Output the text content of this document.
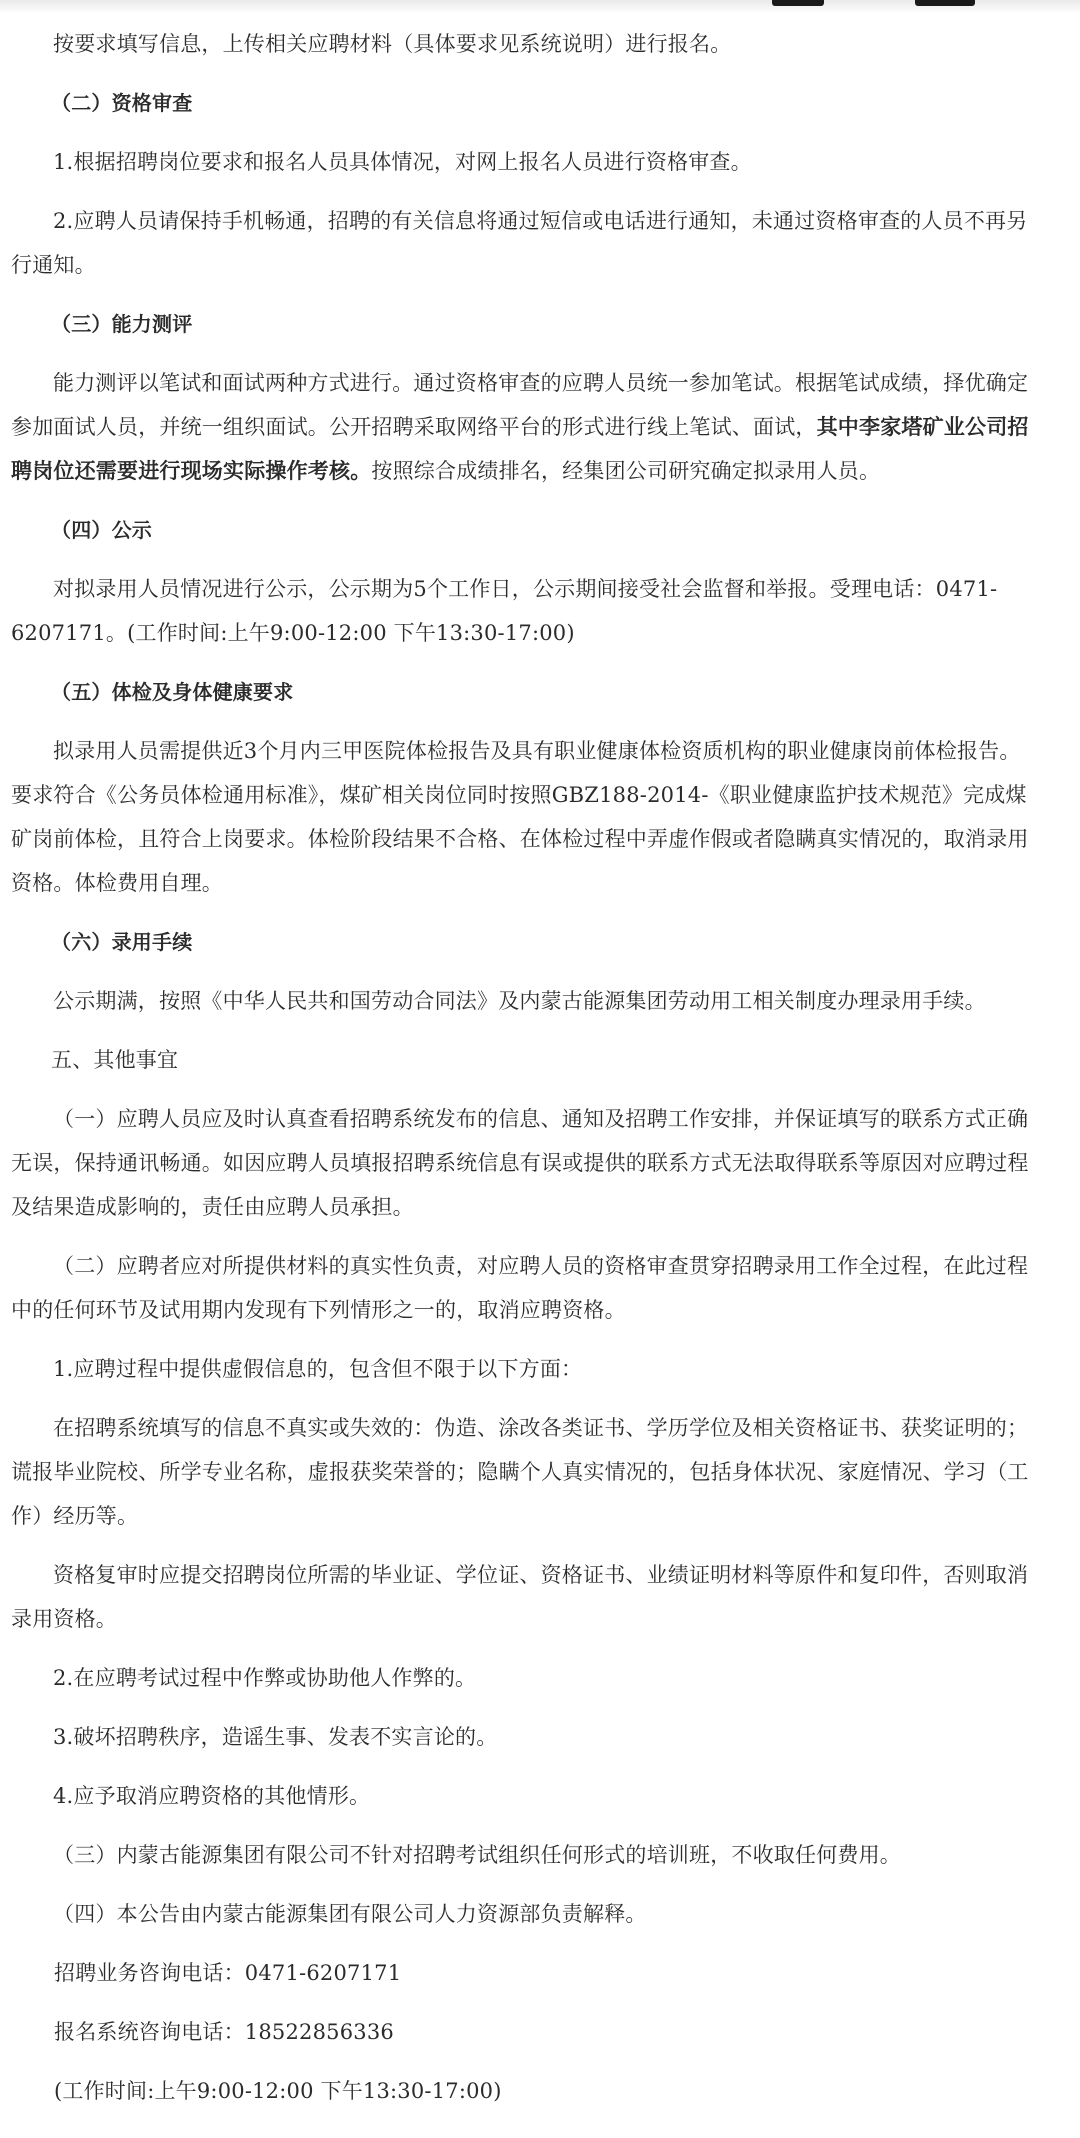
按要求填写信息，上传相关应聘材料（具体要求见系统说明）进行报名。

（二）资格审查

1.根据招聘岗位要求和报名人员具体情况，对网上报名人员进行资格审查。

2.应聘人员请保持手机畅通，招聘的有关信息将通过短信或电话进行通知，未通过资格审查的人员不再另行通知。

（三）能力测评

能力测评以笔试和面试两种方式进行。通过资格审查的应聘人员统一参加笔试。根据笔试成绩，择优确定参加面试人员，并统一组织面试。公开招聘采取网络平台的形式进行线上笔试、面试，其中李家塔矿业公司招聘岗位还需要进行现场实际操作考核。按照综合成绩排名，经集团公司研究确定拟录用人员。

（四）公示

对拟录用人员情况进行公示，公示期为5个工作日，公示期间接受社会监督和举报。受理电话：0471-6207171。(工作时间:上午9:00-12:00 下午13:30-17:00)

（五）体检及身体健康要求

拟录用人员需提供近3个月内三甲医院体检报告及具有职业健康体检资质机构的职业健康岗前体检报告。要求符合《公务员体检通用标准》，煤矿相关岗位同时按照GBZ188-2014-《职业健康监护技术规范》完成煤矿岗前体检，且符合上岗要求。体检阶段结果不合格、在体检过程中弄虚作假或者隐瞒真实情况的，取消录用资格。体检费用自理。

（六）录用手续

公示期满，按照《中华人民共和国劳动合同法》及内蒙古能源集团劳动用工相关制度办理录用手续。

五、其他事宜

（一）应聘人员应及时认真查看招聘系统发布的信息、通知及招聘工作安排，并保证填写的联系方式正确无误，保持通讯畅通。如因应聘人员填报招聘系统信息有误或提供的联系方式无法取得联系等原因对应聘过程及结果造成影响的，责任由应聘人员承担。

（二）应聘者应对所提供材料的真实性负责，对应聘人员的资格审查贯穿招聘录用工作全过程，在此过程中的任何环节及试用期内发现有下列情形之一的，取消应聘资格。

1.应聘过程中提供虚假信息的，包含但不限于以下方面：

在招聘系统填写的信息不真实或失效的：伪造、涂改各类证书、学历学位及相关资格证书、获奖证明的；谎报毕业院校、所学专业名称，虚报获奖荣誉的；隐瞒个人真实情况的，包括身体状况、家庭情况、学习（工作）经历等。

资格复审时应提交招聘岗位所需的毕业证、学位证、资格证书、业绩证明材料等原件和复印件，否则取消录用资格。

2.在应聘考试过程中作弊或协助他人作弊的。

3.破坏招聘秩序，造谣生事、发表不实言论的。

4.应予取消应聘资格的其他情形。

（三）内蒙古能源集团有限公司不针对招聘考试组织任何形式的培训班，不收取任何费用。

（四）本公告由内蒙古能源集团有限公司人力资源部负责解释。

招聘业务咨询电话：0471-6207171

报名系统咨询电话：18522856336

(工作时间:上午9:00-12:00 下午13:30-17:00)
